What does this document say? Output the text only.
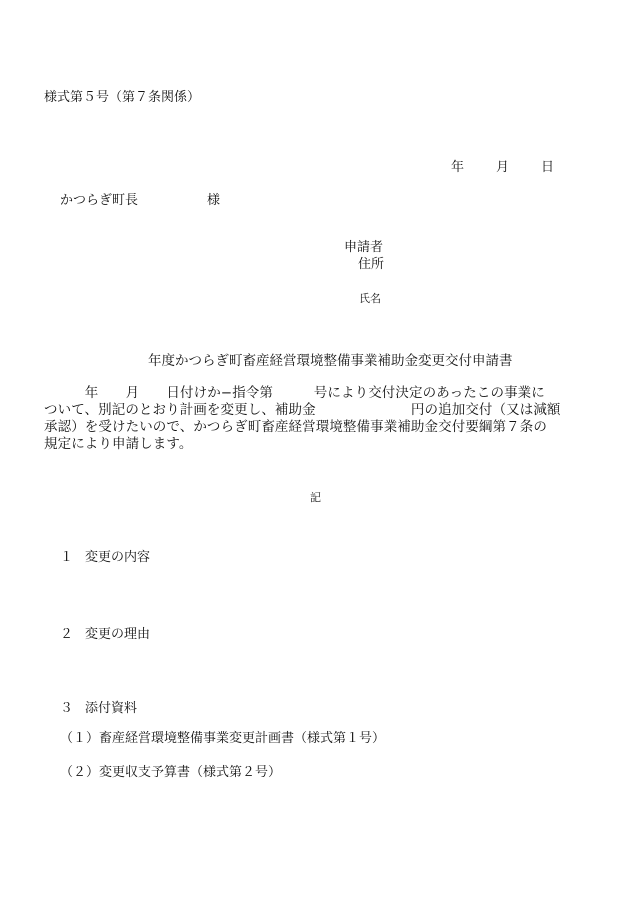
様式第５号（第７条関係）
年 月 日
かつらぎ町長	様
申請者
住所
氏名
年度かつらぎ町畜産経営環境整備事業補助金変更交付申請書
　　　年　　月　　日付けか−指令第　　　号により交付決定のあったこの事業に
ついて、別記のとおり計画を変更し、補助金　　　　　　　円の追加交付（又は減額
承認）を受けたいので、かつらぎ町畜産経営環境整備事業補助金交付要綱第７条の
規定により申請します。
記
１ 変更の内容
２ 変更の理由
３ 添付資料
（１）畜産経営環境整備事業変更計画書（様式第１号）
（２）変更収支予算書（様式第２号）
